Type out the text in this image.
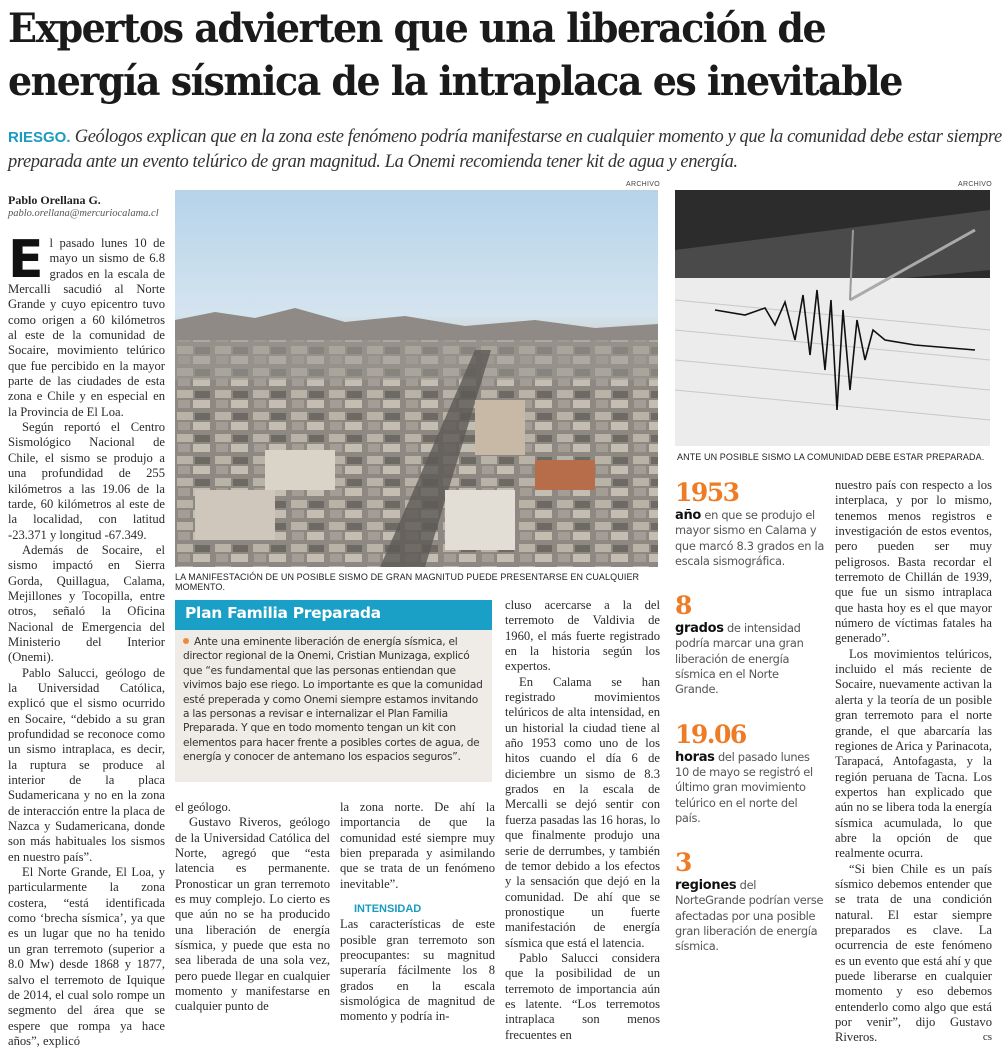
Expertos advierten que una liberación de
energía sísmica de la intraplaca es inevitable
RIESGO. Geólogos explican que en la zona este fenómeno podría manifestarse en cualquier momento y que la comunidad debe estar siempre preparada ante un evento telúrico de gran magnitud. La Onemi recomienda tener kit de agua y energía.
Pablo Orellana G.
pablo.orellana@mercuriocalama.cl

El pasado lunes 10 de mayo un sismo de 6.8 grados en la escala de Mercalli sacudió al Norte Grande y cuyo epicentro tuvo como origen a 60 kilómetros al este de la comunidad de Socaire, movimiento telúrico que fue percibido en la mayor parte de las ciudades de esta zona e Chile y en especial en la Provincia de El Loa.

Según reportó el Centro Sismológico Nacional de Chile, el sismo se produjo a una profundidad de 255 kilómetros a las 19.06 de la tarde, 60 kilómetros al este de la localidad, con latitud -23.371 y longitud -67.349.

Además de Socaire, el sismo impactó en Sierra Gorda, Quillagua, Calama, Mejillones y Tocopilla, entre otros, señaló la Oficina Nacional de Emergencia del Ministerio del Interior (Onemi).

Pablo Salucci, geólogo de la Universidad Católica, explicó que el sismo ocurrido en Socaire, “debido a su gran profundidad se reconoce como un sismo intraplaca, es decir, la ruptura se produce al interior de la placa Sudamericana y no en la zona de interacción entre la placa de Nazca y Sudamericana, donde son más habituales los sismos en nuestro país”.

El Norte Grande, El Loa, y particularmente la zona costera, “está identificada como ‘brecha sísmica’, ya que es un lugar que no ha tenido un gran terremoto (superior a 8.0 Mw) desde 1868 y 1877, salvo el terremoto de Iquique de 2014, el cual solo rompe un segmento del área que se espere que rompa ya hace años”, explicó

ARCHIVO
LA MANIFESTACIÓN DE UN POSIBLE SISMO DE GRAN MAGNITUD PUEDE PRESENTARSE EN CUALQUIER MOMENTO.
ARCHIVO
ANTE UN POSIBLE SISMO LA COMUNIDAD DEBE ESTAR PREPARADA.
Plan Familia Preparada
Ante una eminente liberación de energía sísmica, el director regional de la Onemi, Cristian Munizaga, explicó que “es fundamental que las personas entiendan que vivimos bajo ese riego. Lo importante es que la comunidad esté preperada y como Onemi siempre estamos invitando a las personas a revisar e internalizar el Plan Familia Preparada. Y que en todo momento tengan un kit con elementos para hacer frente a posibles cortes de agua, de energía y conocer de antemano los espacios seguros”.

el geólogo.

Gustavo Riveros, geólogo de la Universidad Católica del Norte, agregó que “esta latencia es permanente. Pronosticar un gran terremoto es muy complejo. Lo cierto es que aún no se ha producido una liberación de energía sísmica, y puede que esta no sea liberada de una sola vez, pero puede llegar en cualquier momento y manifestarse en cualquier punto de

la zona norte. De ahí la importancia de que la comunidad esté siempre muy bien preparada y asimilando que se trata de un fenómeno inevitable”.

INTENSIDAD

Las características de este posible gran terremoto son preocupantes: su magnitud superaría fácilmente los 8 grados en la escala sismológica de magnitud de momento y podría in-

cluso acercarse a la del terremoto de Valdivia de 1960, el más fuerte registrado en la historia según los expertos.

En Calama se han registrado movimientos telúricos de alta intensidad, en un historial la ciudad tiene al año 1953 como uno de los hitos cuando el día 6 de diciembre un sismo de 8.3 grados en la escala de Mercalli se dejó sentir con fuerza pasadas las 16 horas, lo que finalmente produjo una serie de derrumbes, y también de temor debido a los efectos y la sensación que dejó en la comunidad. De ahí que se pronostique un fuerte manifestación de energía sísmica que está el latencia.

Pablo Salucci considera que la posibilidad de un terremoto de importancia aún es latente. “Los terremotos intraplaca son menos frecuentes en

1953
año en que se produjo el mayor sismo en Calama y que marcó 8.3 grados en la escala sismográfica.
8
grados de intensidad podría marcar una gran liberación de energía sísmica en el Norte Grande.
19.06
horas del pasado lunes 10 de mayo se registró el último gran movimiento telúrico en el norte del país.
3
regiones del NorteGrande podrían verse afectadas por una posible gran liberación de energía sísmica.

nuestro país con respecto a los interplaca, y por lo mismo, tenemos menos registros e investigación de estos eventos, pero pueden ser muy peligrosos. Basta recordar el terremoto de Chillán de 1939, que fue un sismo intraplaca que hasta hoy es el que mayor número de víctimas fatales ha generado”.

Los movimientos telúricos, incluido el más reciente de Socaire, nuevamente activan la alerta y la teoría de un posible gran terremoto para el norte grande, el que abarcaría las regiones de Arica y Parinacota, Tarapacá, Antofagasta, y la región peruana de Tacna. Los expertos han explicado que aún no se libera toda la energía sísmica acumulada, lo que abre la opción de que realmente ocurra.

“Si bien Chile es un país sísmico debemos entender que se trata de una condición natural. El estar siempre preparados es clave. La ocurrencia de este fenómeno es un evento que está ahí y que puede liberarse en cualquier momento y eso debemos entenderlo como algo que está por venir”, dijo Gustavo Riveros.	cs
